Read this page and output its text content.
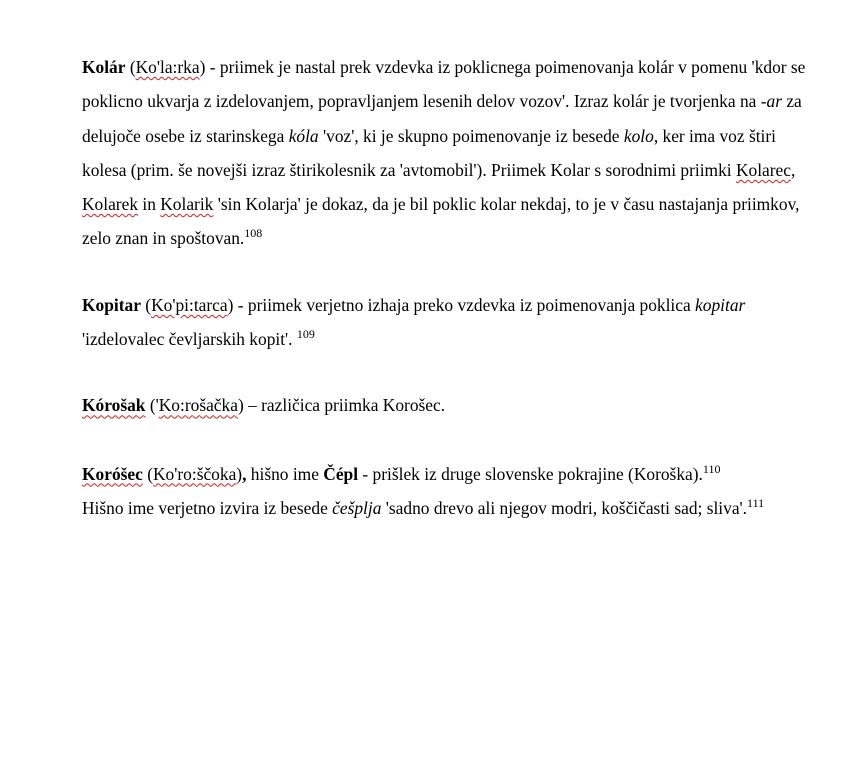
Kolár (Ko'la:rka) - priimek je nastal prek vzdevka iz poklicnega poimenovanja kolár v pomenu 'kdor se poklicno ukvarja z izdelovanjem, popravljanjem lesenih delov vozov'. Izraz kolár je tvorjenka na -ar za delujoče osebe iz starinskega kóla 'voz', ki je skupno poimenovanje iz besede kolo, ker ima voz štiri kolesa (prim. še novejši izraz štirikolesnik za 'avtomobil'). Priimek Kolar s sorodnimi priimki Kolarec, Kolarek in Kolarik 'sin Kolarja' je dokaz, da je bil poklic kolar nekdaj, to je v času nastajanja priimkov, zelo znan in spoštovan.$^{108}$

Kopitar (Ko'pi:tarca) - priimek verjetno izhaja preko vzdevka iz poimenovanja poklica kopitar 'izdelovalec čevljarskih kopit'. $^{109}$

Kórošak ('Ko:rošačka) – različica priimka Korošec.

Koróšec (Ko'ro:ščoka), hišno ime Čépl - prišlek iz druge slovenske pokrajine (Koroška).$^{110}$
Hišno ime verjetno izvira iz besede češplja 'sadno drevo ali njegov modri, koščičasti sad; sliva'.$^{111}$
